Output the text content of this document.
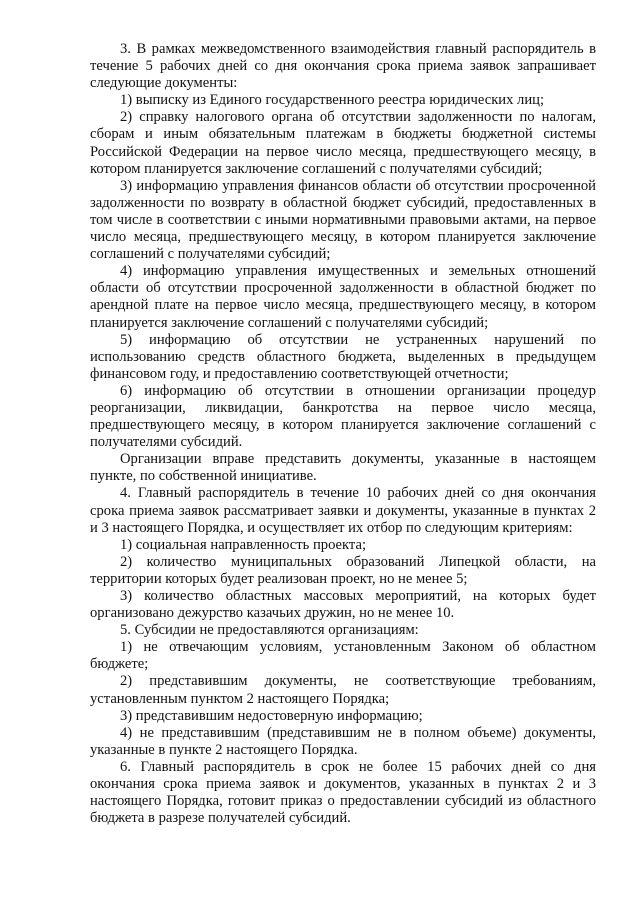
3. В рамках межведомственного взаимодействия главный распорядитель в течение 5 рабочих дней со дня окончания срока приема заявок запрашивает следующие документы:

1) выписку из Единого государственного реестра юридических лиц;

2) справку налогового органа об отсутствии задолженности по налогам, сборам и иным обязательным платежам в бюджеты бюджетной системы Российской Федерации на первое число месяца, предшествующего месяцу, в котором планируется заключение соглашений с получателями субсидий;

3) информацию управления финансов области об отсутствии просроченной задолженности по возврату в областной бюджет субсидий, предоставленных в том числе в соответствии с иными нормативными правовыми актами, на первое число месяца, предшествующего месяцу, в котором планируется заключение соглашений с получателями субсидий;

4) информацию управления имущественных и земельных отношений области об отсутствии просроченной задолженности в областной бюджет по арендной плате на первое число месяца, предшествующего месяцу, в котором планируется заключение соглашений с получателями субсидий;

5) информацию об отсутствии не устраненных нарушений по использованию средств областного бюджета, выделенных в предыдущем финансовом году, и предоставлению соответствующей отчетности;

6) информацию об отсутствии в отношении организации процедур реорганизации, ликвидации, банкротства на первое число месяца, предшествующего месяцу, в котором планируется заключение соглашений с получателями субсидий.

Организации вправе представить документы, указанные в настоящем пункте, по собственной инициативе.

4. Главный распорядитель в течение 10 рабочих дней со дня окончания срока приема заявок рассматривает заявки и документы, указанные в пунктах 2 и 3 настоящего Порядка, и осуществляет их отбор по следующим критериям:

1) социальная направленность проекта;

2) количество муниципальных образований Липецкой области, на территории которых будет реализован проект, но не менее 5;

3) количество областных массовых мероприятий, на которых будет организовано дежурство казачьих дружин, но не менее 10.

5. Субсидии не предоставляются организациям:

1) не отвечающим условиям, установленным Законом об областном бюджете;

2) представившим документы, не соответствующие требованиям, установленным пунктом 2 настоящего Порядка;

3) представившим недостоверную информацию;

4) не представившим (представившим не в полном объеме) документы, указанные в пункте 2 настоящего Порядка.

6. Главный распорядитель в срок не более 15 рабочих дней со дня окончания срока приема заявок и документов, указанных в пунктах 2 и 3 настоящего Порядка, готовит приказ о предоставлении субсидий из областного бюджета в разрезе получателей субсидий.
